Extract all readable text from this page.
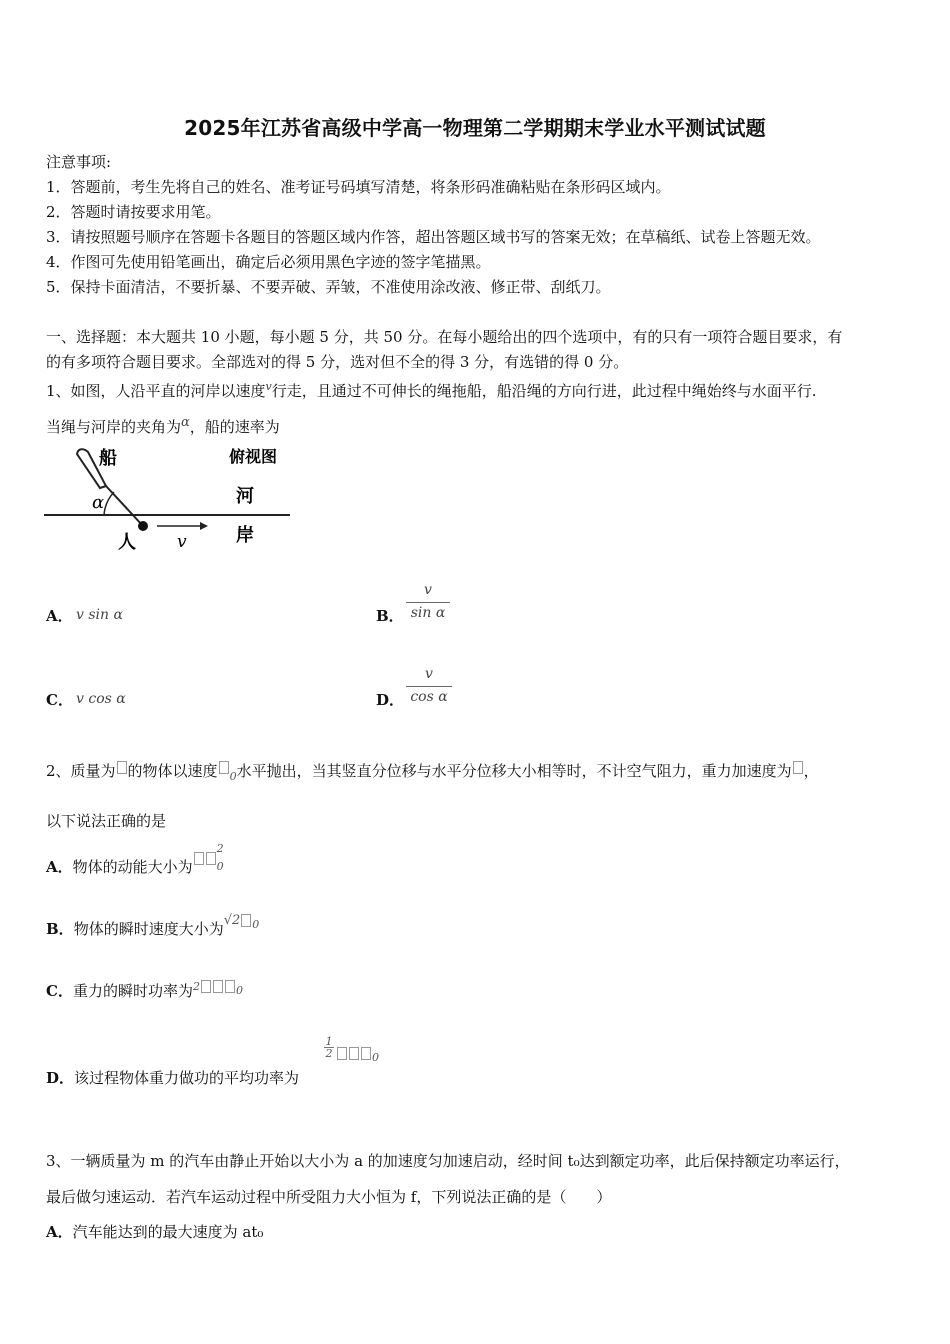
2025年江苏省高级中学高一物理第二学期期末学业水平测试试题
注意事项:
1．答题前，考生先将自己的姓名、准考证号码填写清楚，将条形码准确粘贴在条形码区域内。
2．答题时请按要求用笔。
3．请按照题号顺序在答题卡各题目的答题区域内作答，超出答题区域书写的答案无效；在草稿纸、试卷上答题无效。
4．作图可先使用铅笔画出，确定后必须用黑色字迹的签字笔描黑。
5．保持卡面清洁，不要折暴、不要弄破、弄皱，不准使用涂改液、修正带、刮纸刀。
一、选择题：本大题共 10 小题，每小题 5 分，共 50 分。在每小题给出的四个选项中，有的只有一项符合题目要求，有
的有多项符合题目要求。全部选对的得 5 分，选对但不全的得 3 分，有选错的得 0 分。
1、如图，人沿平直的河岸以速度$^v$行走，且通过不可伸长的绳拖船，船沿绳的方向行进，此过程中绳始终与水面平行.
当绳与河岸的夹角为$^\alpha$，船的速率为
船	俯视图
河
岸
人
α
v
A． v sin α	B．
v
sin α
C． v cos α	D．
v
cos α
2、质量为 的物体以速度 $_0$水平抛出，当其竖直分位移与水平分位移大小相等时，不计空气阻力，重力加速度为 ，
以下说法正确的是
A．物体的动能大小为
2
$_0$
B．物体的瞬时速度大小为√2 $_0$
C．重力的瞬时功率为2	$_0$
$\frac{1}{2}$	$_0$
D．该过程物体重力做功的平均功率为
3、一辆质量为 m 的汽车由静止开始以大小为 a 的加速度匀加速启动，经时间 t₀达到额定功率，此后保持额定功率运行，
最后做匀速运动．若汽车运动过程中所受阻力大小恒为 f，下列说法正确的是（　　）
A．汽车能达到的最大速度为 at₀
